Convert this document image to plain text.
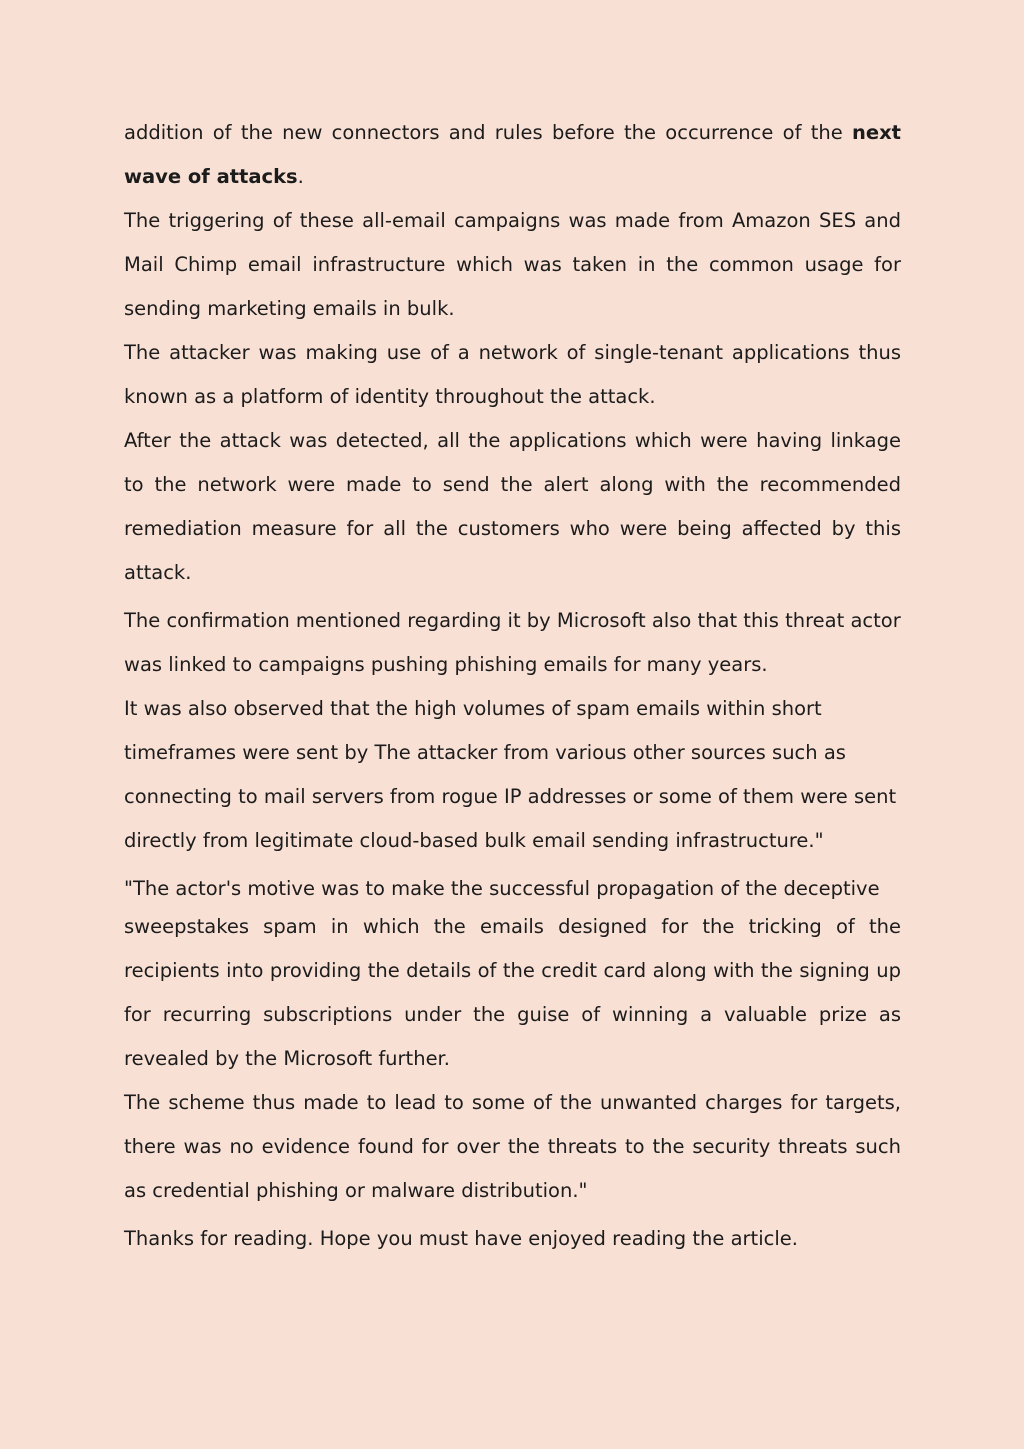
addition of the new connectors and rules before the occurrence of the next wave of attacks.

The triggering of these all-email campaigns was made from Amazon SES and Mail Chimp email infrastructure which was taken in the common usage for sending marketing emails in bulk.

The attacker was making use of a network of single-tenant applications thus known as a platform of identity throughout the attack.

After the attack was detected, all the applications which were having linkage to the network were made to send the alert along with the recommended remediation measure for all the customers who were being affected by this attack.

The confirmation mentioned regarding it by Microsoft also that this threat actor was linked to campaigns pushing phishing emails for many years.

It was also observed that the high volumes of spam emails within short timeframes were sent by The attacker from various other sources such as connecting to mail servers from rogue IP addresses or some of them were sent directly from legitimate cloud-based bulk email sending infrastructure."

"The actor's motive was to make the successful propagation of the deceptive

sweepstakes spam in which the emails designed for the tricking of the recipients into providing the details of the credit card along with the signing up for recurring subscriptions under the guise of winning a valuable prize as revealed by the Microsoft further.

The scheme thus made to lead to some of the unwanted charges for targets, there was no evidence found for over the threats to the security threats such as credential phishing or malware distribution."

Thanks for reading. Hope you must have enjoyed reading the article.
